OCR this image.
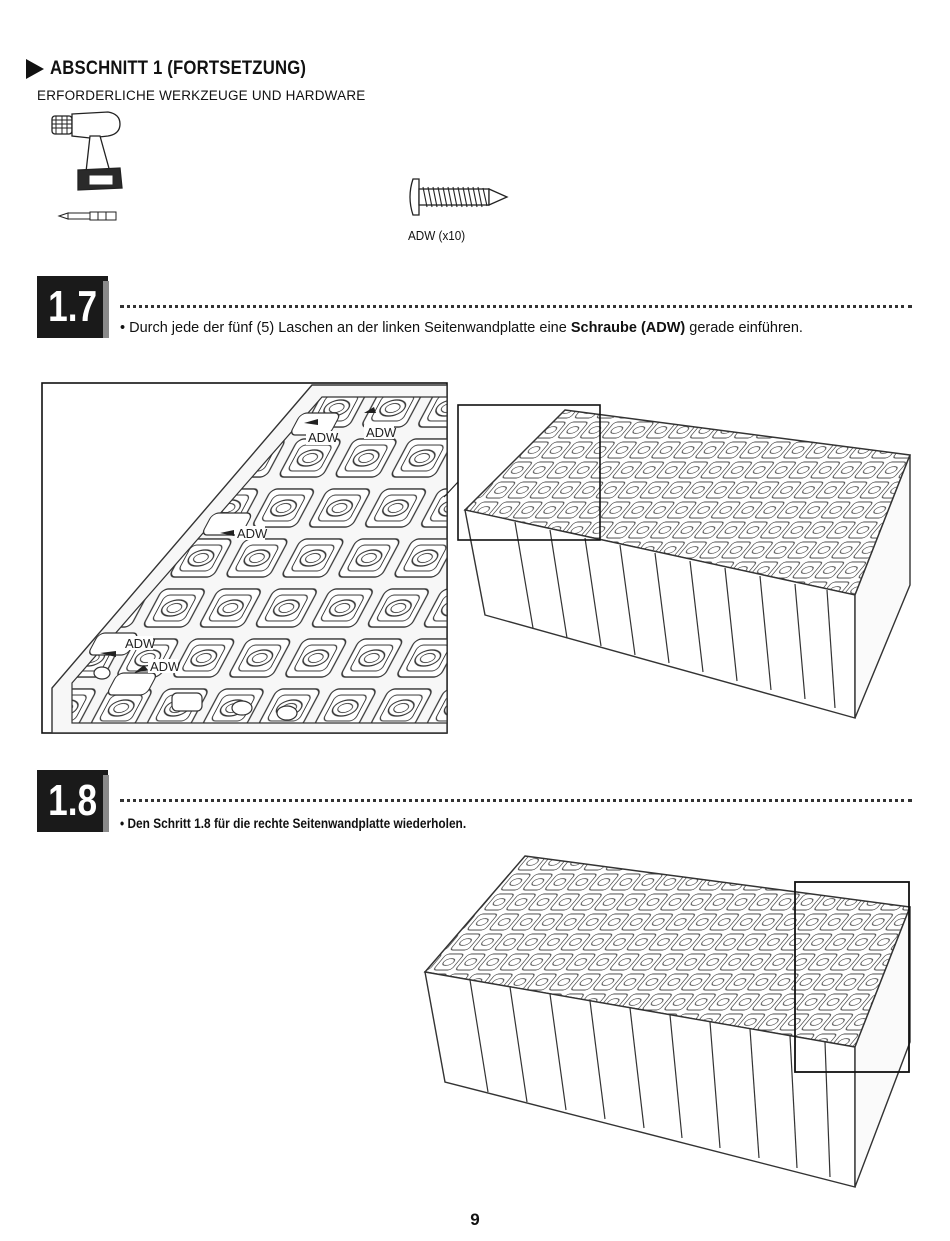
ABSCHNITT 1 (FORTSETZUNG)
ERFORDERLICHE WERKZEUGE UND HARDWARE
ADW (x10)
1.7 • Durch jede der fünf (5) Laschen an der linken Seitenwandplatte eine Schraube (ADW) gerade einführen.
ADW ADW
ADW
ADW
ADW
1.8 • Den Schritt 1.8 für die rechte Seitenwandplatte wiederholen.
9
